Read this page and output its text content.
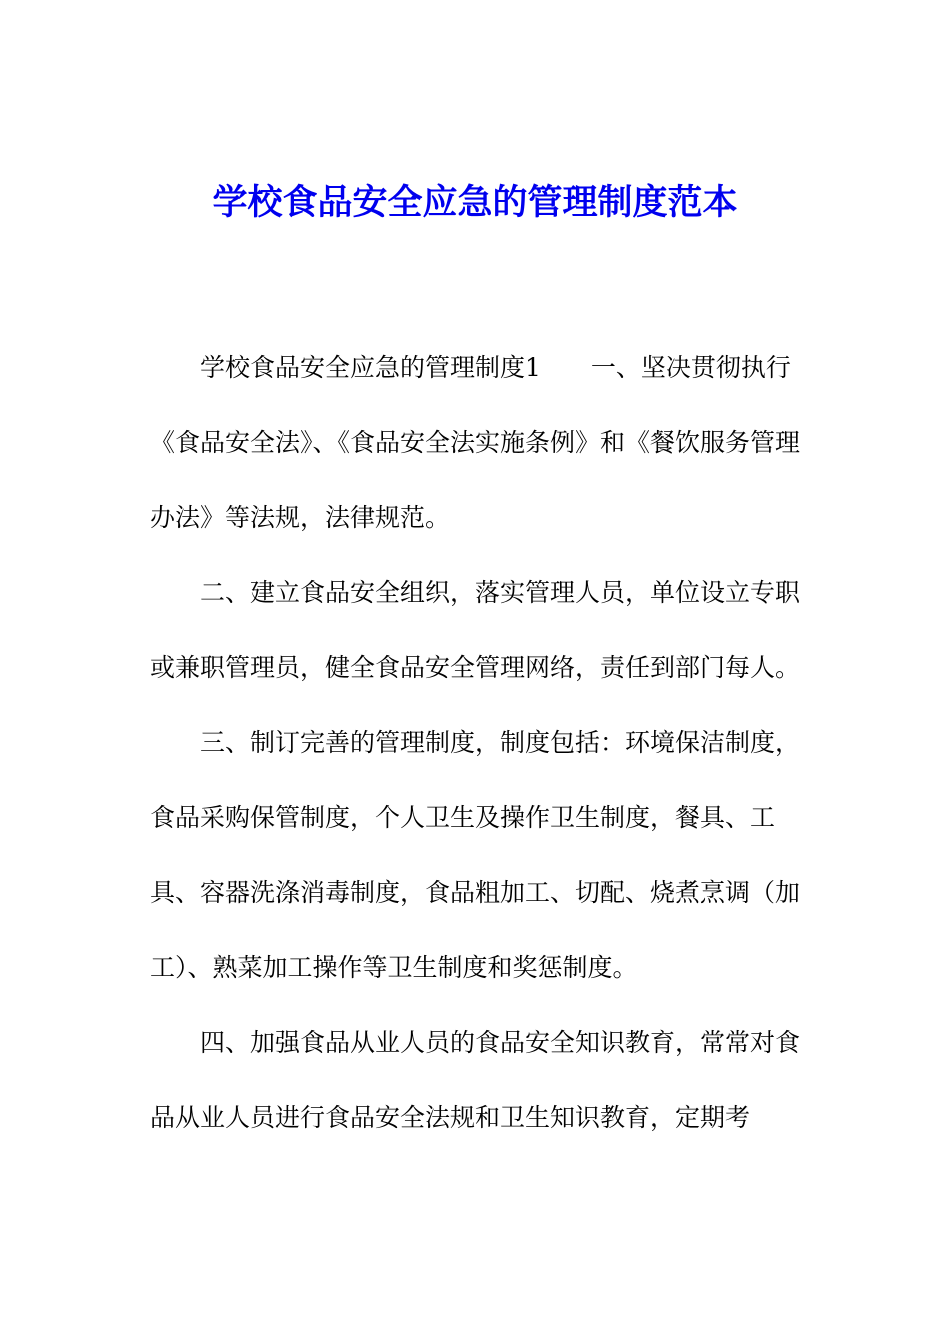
学校食品安全应急的管理制度范本

学校食品安全应急的管理制度1　　一、坚决贯彻执行《食品安全法》、《食品安全法实施条例》和《餐饮服务管理办法》等法规，法律规范。

二、建立食品安全组织，落实管理人员，单位设立专职或兼职管理员，健全食品安全管理网络，责任到部门每人。

三、制订完善的管理制度，制度包括：环境保洁制度，食品采购保管制度，个人卫生及操作卫生制度，餐具、工具、容器洗涤消毒制度，食品粗加工、切配、烧煮烹调（加工）、熟菜加工操作等卫生制度和奖惩制度。

四、加强食品从业人员的食品安全知识教育，常常对食品从业人员进行食品安全法规和卫生知识教育，定期考
